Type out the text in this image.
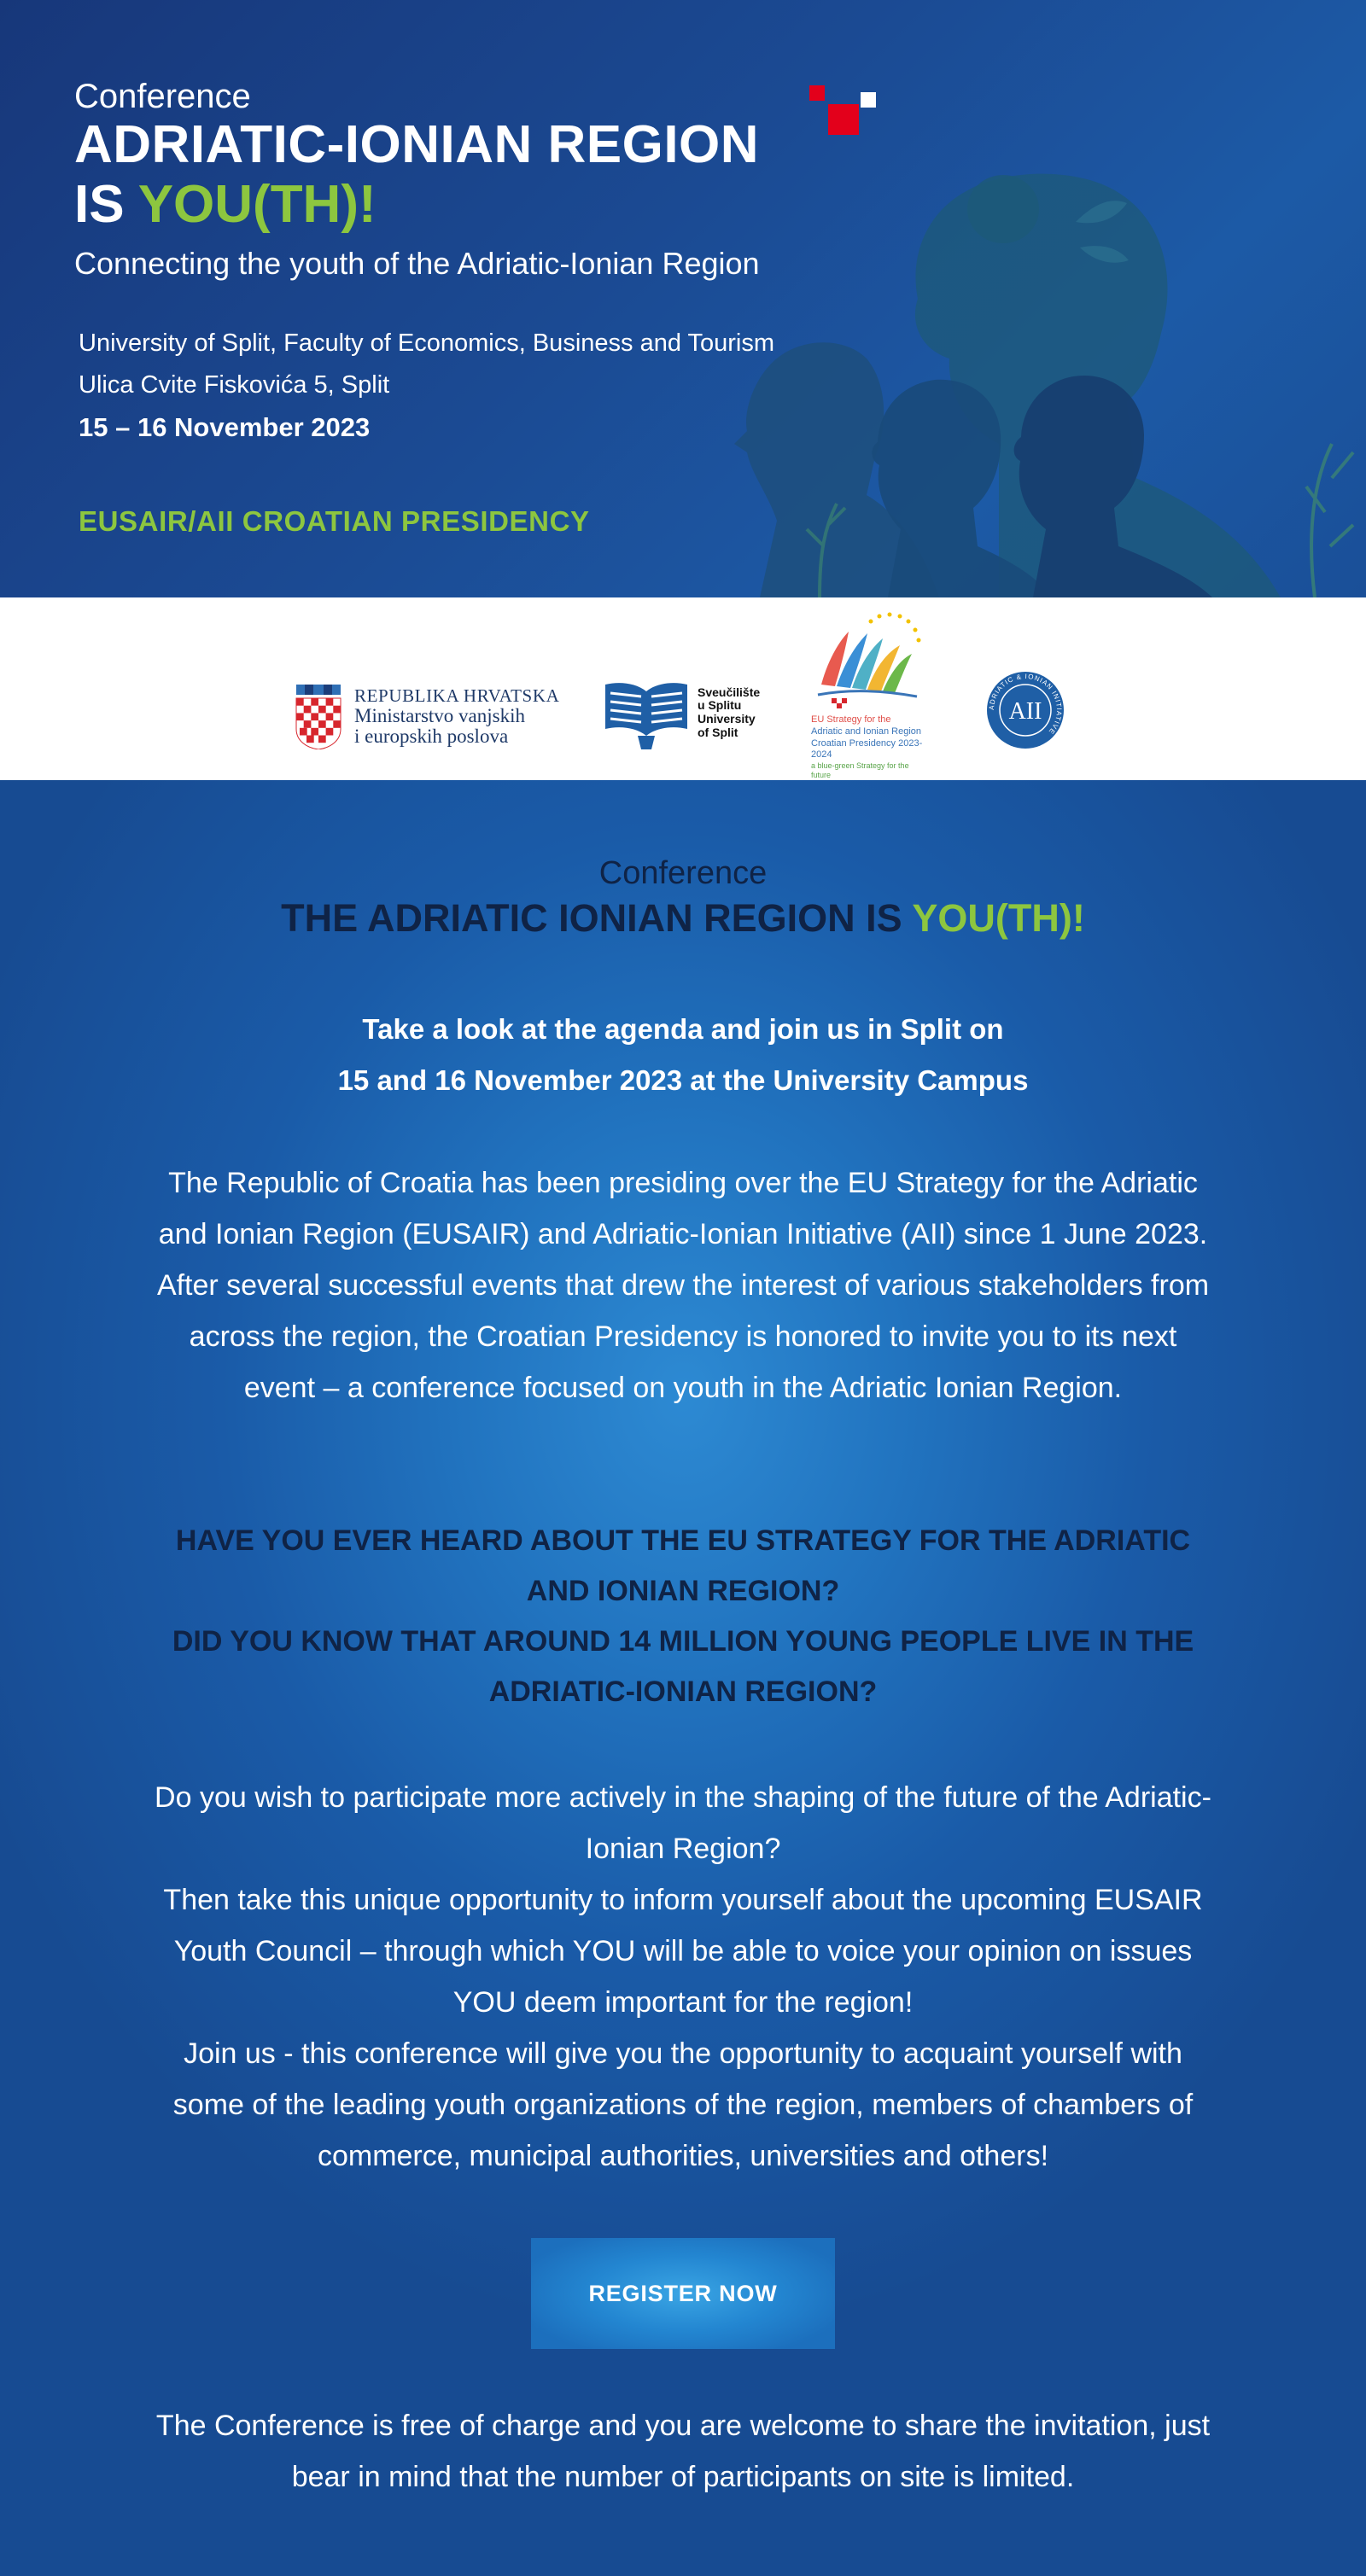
Conference
ADRIATIC-IONIAN REGION
IS YOU(TH)!
Connecting the youth of the Adriatic-Ionian Region
University of Split, Faculty of Economics, Business and Tourism
Ulica Cvite Fiskovića 5, Split
15 – 16 November 2023
EUSAIR/AII CROATIAN PRESIDENCY
REPUBLIKA HRVATSKA
Ministarstvo vanjskih
i europskih poslova
Sveučilište
u Splitu
University
of Split
EU Strategy for the
Adriatic and Ionian Region
Croatian Presidency 2023-2024
a blue-green Strategy for the future
ADRIATIC & IONIAN INITIATIVE
AII
Conference
THE ADRIATIC IONIAN REGION IS YOU(TH)!
Take a look at the agenda and join us in Split on
15 and 16 November 2023 at the University Campus
The Republic of Croatia has been presiding over the EU Strategy for the Adriatic and Ionian Region (EUSAIR) and Adriatic-Ionian Initiative (AII) since 1 June 2023.
After several successful events that drew the interest of various stakeholders from across the region, the Croatian Presidency is honored to invite you to its next event – a conference focused on youth in the Adriatic Ionian Region.
HAVE YOU EVER HEARD ABOUT THE EU STRATEGY FOR THE ADRIATIC AND IONIAN REGION?
DID YOU KNOW THAT AROUND 14 MILLION YOUNG PEOPLE LIVE IN THE ADRIATIC-IONIAN REGION?
Do you wish to participate more actively in the shaping of the future of the Adriatic-Ionian Region?
Then take this unique opportunity to inform yourself about the upcoming EUSAIR Youth Council – through which YOU will be able to voice your opinion on issues YOU deem important for the region!
Join us - this conference will give you the opportunity to acquaint yourself with some of the leading youth organizations of the region, members of chambers of commerce, municipal authorities, universities and others!
REGISTER NOW
The Conference is free of charge and you are welcome to share the invitation, just bear in mind that the number of participants on site is limited.
